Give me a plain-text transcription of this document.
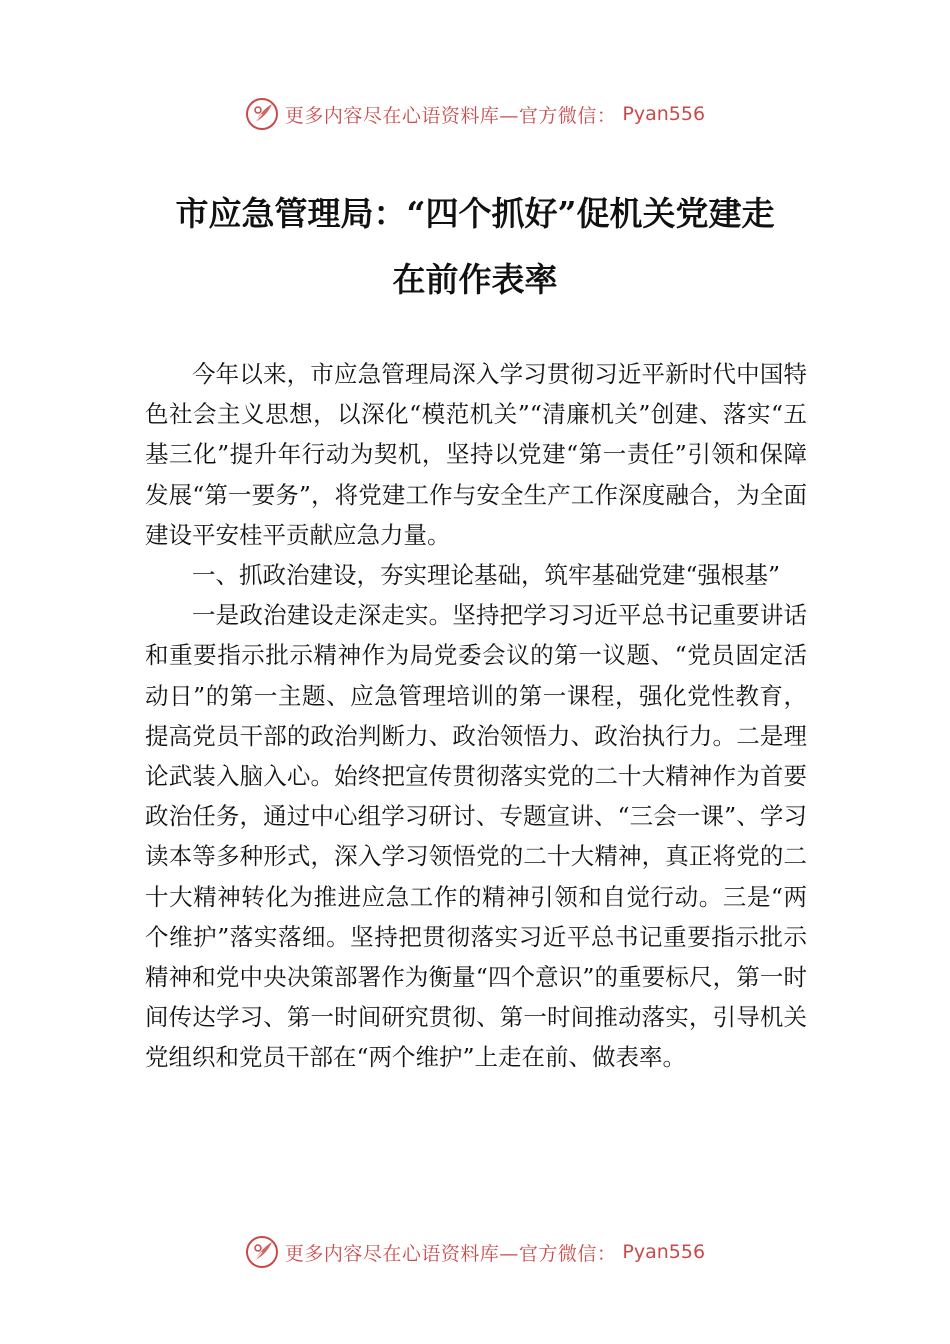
更多内容尽在心语资料库—官方微信： Pyan556
市应急管理局：“四个抓好”促机关党建走
在前作表率

今年以来，市应急管理局深入学习贯彻习近平新时代中国特色社会主义思想，以深化“模范机关”“清廉机关”创建、落实“五基三化”提升年行动为契机，坚持以党建“第一责任”引领和保障发展“第一要务”，将党建工作与安全生产工作深度融合，为全面建设平安桂平贡献应急力量。

一、抓政治建设，夯实理论基础，筑牢基础党建“强根基”

一是政治建设走深走实。坚持把学习习近平总书记重要讲话和重要指示批示精神作为局党委会议的第一议题、“党员固定活动日”的第一主题、应急管理培训的第一课程，强化党性教育，提高党员干部的政治判断力、政治领悟力、政治执行力。二是理论武装入脑入心。始终把宣传贯彻落实党的二十大精神作为首要政治任务，通过中心组学习研讨、专题宣讲、“三会一课”、学习读本等多种形式，深入学习领悟党的二十大精神，真正将党的二十大精神转化为推进应急工作的精神引领和自觉行动。三是“两个维护”落实落细。坚持把贯彻落实习近平总书记重要指示批示精神和党中央决策部署作为衡量“四个意识”的重要标尺，第一时间传达学习、第一时间研究贯彻、第一时间推动落实，引导机关党组织和党员干部在“两个维护”上走在前、做表率。

更多内容尽在心语资料库—官方微信： Pyan556
